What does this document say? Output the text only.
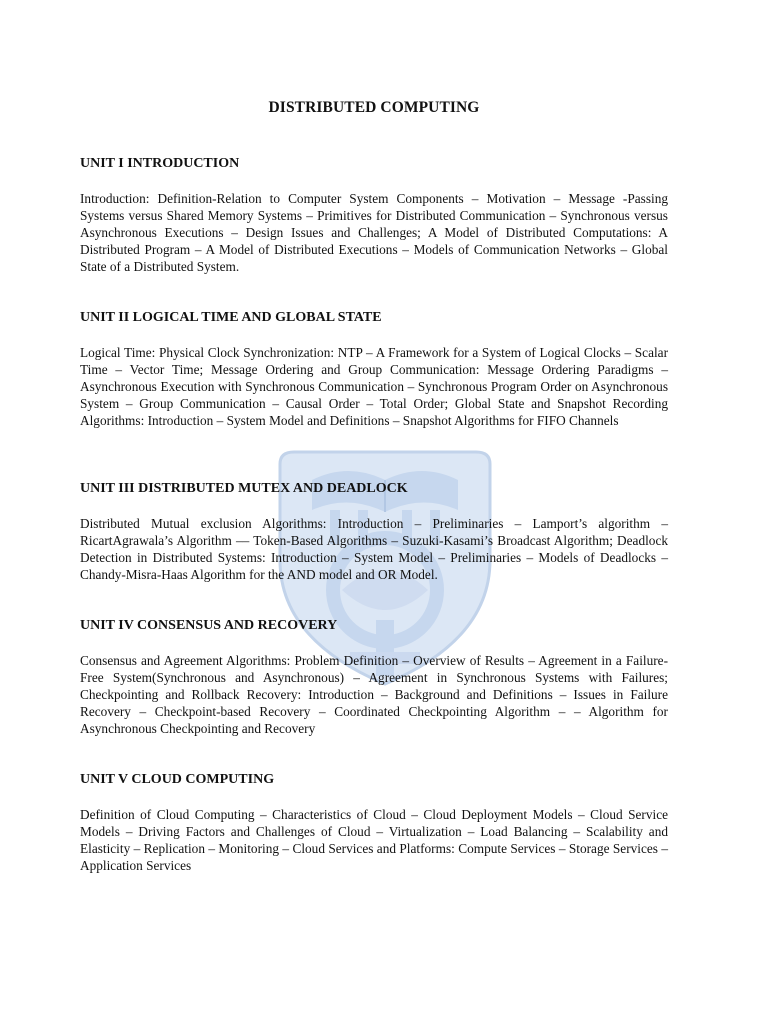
DISTRIBUTED COMPUTING
UNIT I INTRODUCTION

Introduction: Definition-Relation to Computer System Components – Motivation – Message -Passing Systems versus Shared Memory Systems – Primitives for Distributed Communication – Synchronous versus Asynchronous Executions – Design Issues and Challenges; A Model of Distributed Computations: A Distributed Program – A Model of Distributed Executions – Models of Communication Networks – Global State of a Distributed System.

UNIT II LOGICAL TIME AND GLOBAL STATE

Logical Time: Physical Clock Synchronization: NTP – A Framework for a System of Logical Clocks – Scalar Time – Vector Time; Message Ordering and Group Communication: Message Ordering Paradigms – Asynchronous Execution with Synchronous Communication – Synchronous Program Order on Asynchronous System – Group Communication – Causal Order – Total Order; Global State and Snapshot Recording Algorithms: Introduction – System Model and Definitions – Snapshot Algorithms for FIFO Channels

UNIT III DISTRIBUTED MUTEX AND DEADLOCK

Distributed Mutual exclusion Algorithms: Introduction – Preliminaries – Lamport’s algorithm – RicartAgrawala’s Algorithm –– Token-Based Algorithms – Suzuki-Kasami’s Broadcast Algorithm; Deadlock Detection in Distributed Systems: Introduction – System Model – Preliminaries – Models of Deadlocks – Chandy-Misra-Haas Algorithm for the AND model and OR Model.

UNIT IV CONSENSUS AND RECOVERY

Consensus and Agreement Algorithms: Problem Definition – Overview of Results – Agreement in a Failure-Free System(Synchronous and Asynchronous) – Agreement in Synchronous Systems with Failures; Checkpointing and Rollback Recovery: Introduction – Background and Definitions – Issues in Failure Recovery – Checkpoint-based Recovery – Coordinated Checkpointing Algorithm – – Algorithm for Asynchronous Checkpointing and Recovery

UNIT V CLOUD COMPUTING

Definition of Cloud Computing – Characteristics of Cloud – Cloud Deployment Models – Cloud Service Models – Driving Factors and Challenges of Cloud – Virtualization – Load Balancing – Scalability and Elasticity – Replication – Monitoring – Cloud Services and Platforms: Compute Services – Storage Services – Application Services
